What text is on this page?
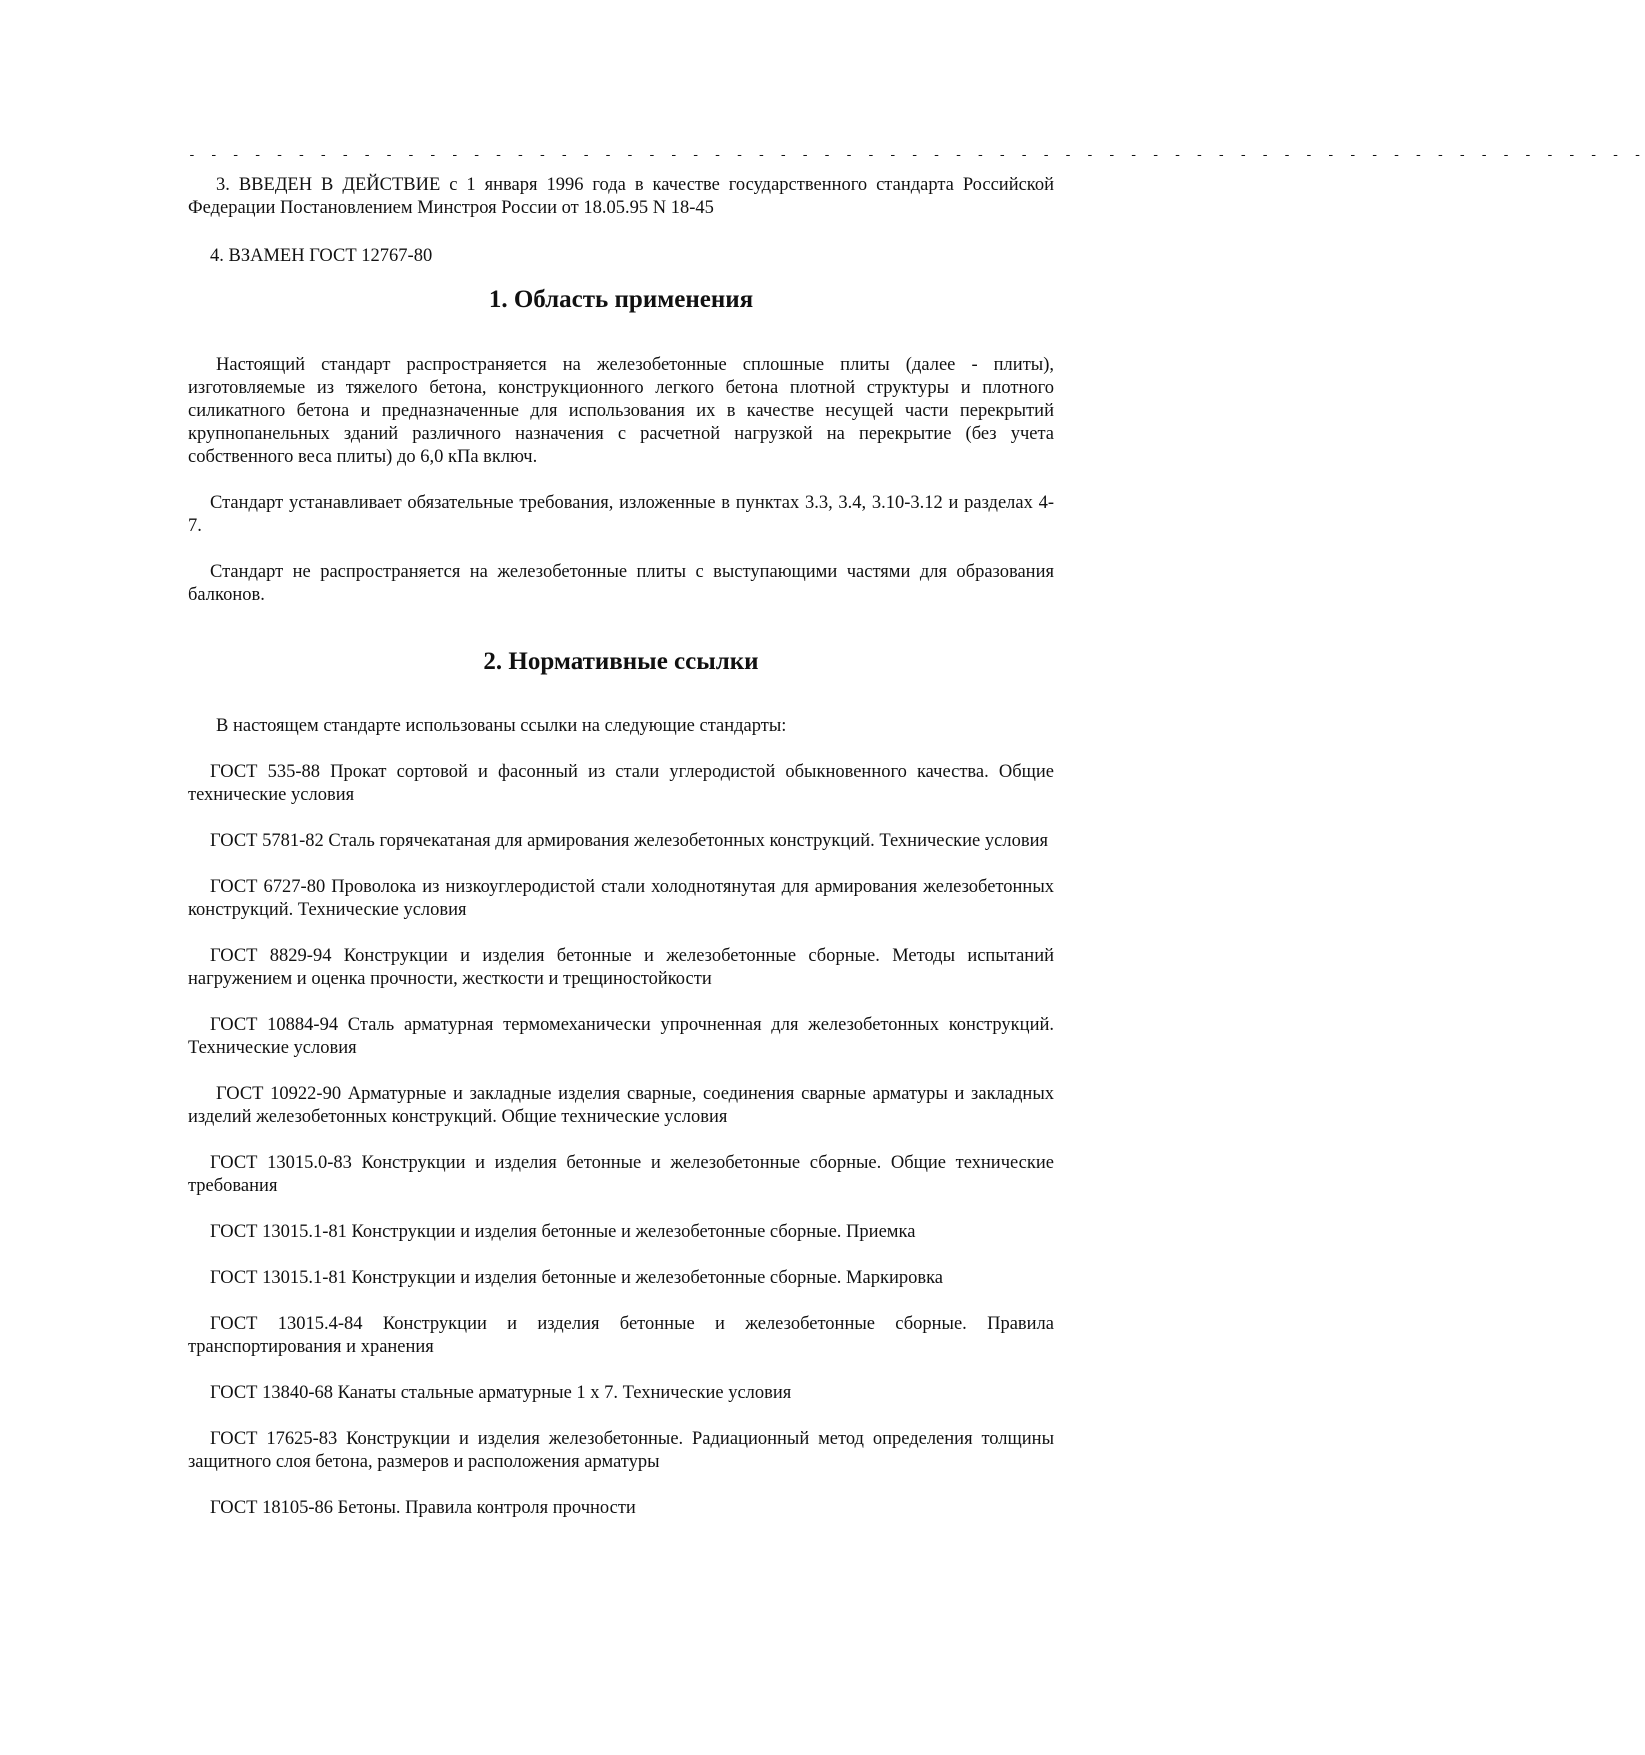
- - - - - - - - - - - - - - - - - - - - - - - - - - - - - - - - - - - - - - - - - - - - - - - - - - - - - - - - - - - - - - - - - - -

3. ВВЕДЕН В ДЕЙСТВИЕ с 1 января 1996 года в качестве государственного стандарта Российской Федерации Постановлением Минстроя России от 18.05.95 N 18-45

4. ВЗАМЕН ГОСТ 12767-80

1. Область применения

Настоящий стандарт распространяется на железобетонные сплошные плиты (далее - плиты), изготовляемые из тяжелого бетона, конструкционного легкого бетона плотной структуры и плотного силикатного бетона и предназначенные для использования их в качестве несущей части перекрытий крупнопанельных зданий различного назначения с расчетной нагрузкой на перекрытие (без учета собственного веса плиты) до 6,0 кПа включ.

Стандарт устанавливает обязательные требования, изложенные в пунктах 3.3, 3.4, 3.10-3.12 и разделах 4-7.

Стандарт не распространяется на железобетонные плиты с выступающими частями для образования балконов.

2. Нормативные ссылки

В настоящем стандарте использованы ссылки на следующие стандарты:

ГОСТ 535-88 Прокат сортовой и фасонный из стали углеродистой обыкновенного качества. Общие технические условия

ГОСТ 5781-82 Сталь горячекатаная для армирования железобетонных конструкций. Технические условия

ГОСТ 6727-80 Проволока из низкоуглеродистой стали холоднотянутая для армирования железобетонных конструкций. Технические условия

ГОСТ 8829-94 Конструкции и изделия бетонные и железобетонные сборные. Методы испытаний нагружением и оценка прочности, жесткости и трещиностойкости

ГОСТ 10884-94 Сталь арматурная термомеханически упрочненная для железобетонных конструкций. Технические условия

ГОСТ 10922-90 Арматурные и закладные изделия сварные, соединения сварные арматуры и закладных изделий железобетонных конструкций. Общие технические условия

ГОСТ 13015.0-83 Конструкции и изделия бетонные и железобетонные сборные. Общие технические требования

ГОСТ 13015.1-81 Конструкции и изделия бетонные и железобетонные сборные. Приемка

ГОСТ 13015.1-81 Конструкции и изделия бетонные и железобетонные сборные. Маркировка

ГОСТ 13015.4-84 Конструкции и изделия бетонные и железобетонные сборные. Правила транспортирования и хранения

ГОСТ 13840-68 Канаты стальные арматурные 1 х 7. Технические условия

ГОСТ 17625-83 Конструкции и изделия железобетонные. Радиационный метод определения толщины защитного слоя бетона, размеров и расположения арматуры

ГОСТ 18105-86 Бетоны. Правила контроля прочности
